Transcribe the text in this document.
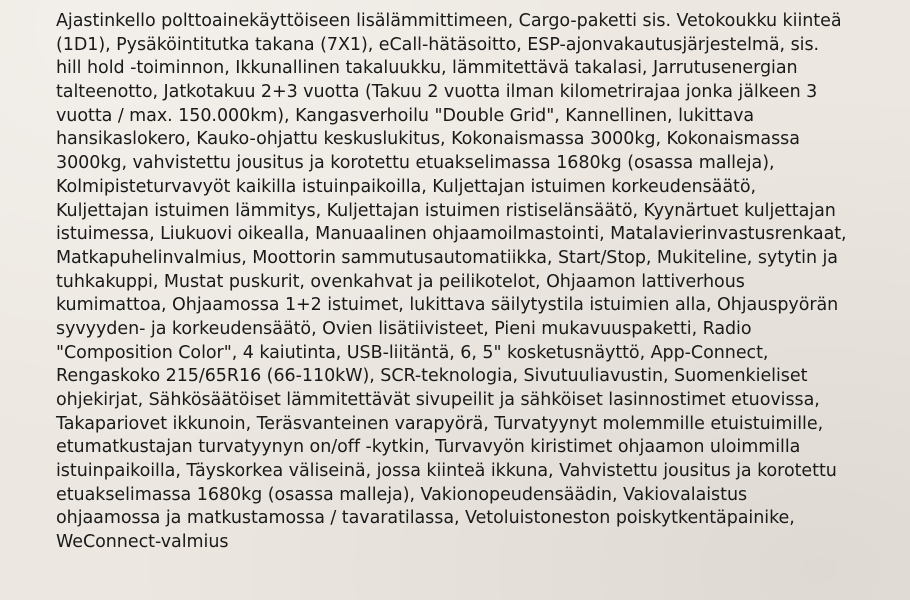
Ajastinkello polttoainekäyttöiseen lisälämmittimeen, Cargo-paketti sis. Vetokoukku kiinteä
(1D1), Pysäköintitutka takana (7X1), eCall-hätäsoitto, ESP-ajonvakautusjärjestelmä, sis.
hill hold -toiminnon, Ikkunallinen takaluukku, lämmitettävä takalasi, Jarrutusenergian
talteenotto, Jatkotakuu 2+3 vuotta (Takuu 2 vuotta ilman kilometrirajaa jonka jälkeen 3
vuotta / max. 150.000km), Kangasverhoilu "Double Grid", Kannellinen, lukittava
hansikaslokero, Kauko-ohjattu keskuslukitus, Kokonaismassa 3000kg, Kokonaismassa
3000kg, vahvistettu jousitus ja korotettu etuakselimassa 1680kg (osassa malleja),
Kolmipisteturvavyöt kaikilla istuinpaikoilla, Kuljettajan istuimen korkeudensäätö,
Kuljettajan istuimen lämmitys, Kuljettajan istuimen ristiselänsäätö, Kyynärtuet kuljettajan
istuimessa, Liukuovi oikealla, Manuaalinen ohjaamoilmastointi, Matalavierinvastusrenkaat,
Matkapuhelinvalmius, Moottorin sammutusautomatiikka, Start/Stop, Mukiteline, sytytin ja
tuhkakuppi, Mustat puskurit, ovenkahvat ja peilikotelot, Ohjaamon lattiverhous
kumimattoa, Ohjaamossa 1+2 istuimet, lukittava säilytystila istuimien alla, Ohjauspyörän
syvyyden- ja korkeudensäätö, Ovien lisätiivisteet, Pieni mukavuuspaketti, Radio
"Composition Color", 4 kaiutinta, USB-liitäntä, 6, 5" kosketusnäyttö, App-Connect,
Rengaskoko 215/65R16 (66-110kW), SCR-teknologia, Sivutuuliavustin, Suomenkieliset
ohjekirjat, Sähkösäätöiset lämmitettävät sivupeilit ja sähköiset lasinnostimet etuovissa,
Takapariovet ikkunoin, Teräsvanteinen varapyörä, Turvatyynyt molemmille etuistuimille,
etumatkustajan turvatyynyn on/off -kytkin, Turvavyön kiristimet ohjaamon uloimmilla
istuinpaikoilla, Täyskorkea väliseinä, jossa kiinteä ikkuna, Vahvistettu jousitus ja korotettu
etuakselimassa 1680kg (osassa malleja), Vakionopeudensäädin, Vakiovalaistus
ohjaamossa ja matkustamossa / tavaratilassa, Vetoluistoneston poiskytkentäpainike,
WeConnect-valmius
